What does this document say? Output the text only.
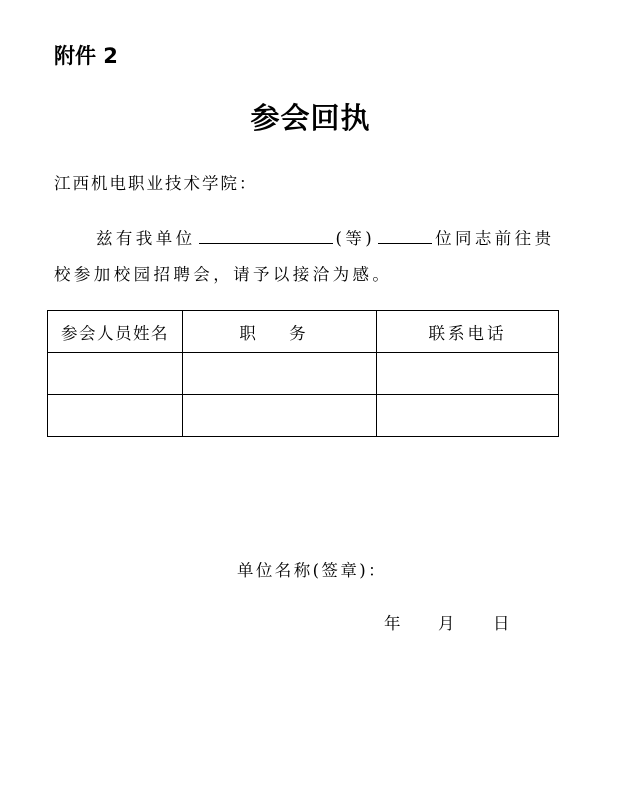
附件 2
参会回执
江西机电职业技术学院：
兹有我单位	(等)	位同志前往贵
校参加校园招聘会，请予以接洽为感。
参会人员姓名	职 务	联系电话

单位名称(签章)：
年 月 日
